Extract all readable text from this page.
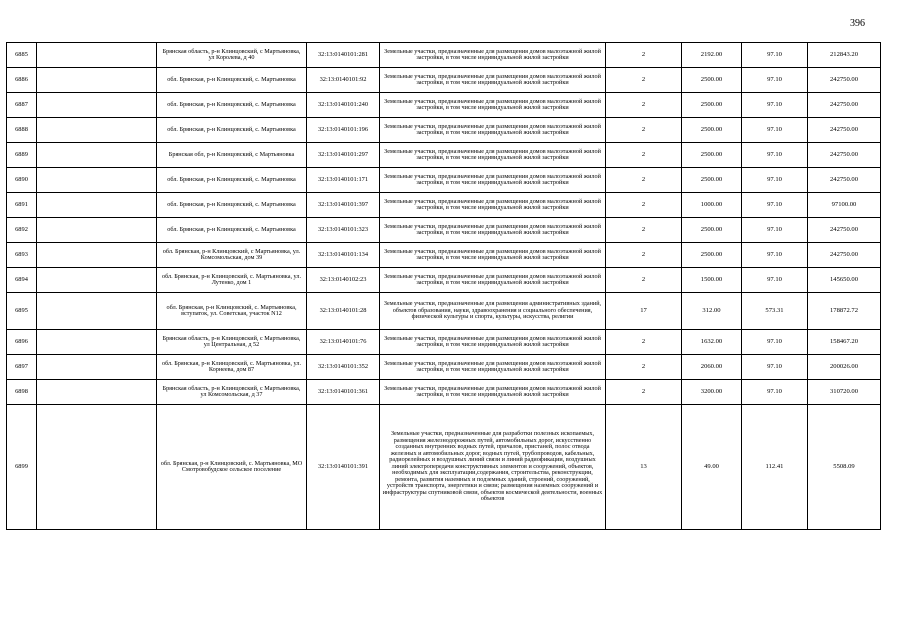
396
6885		Брянская область, р-н Клинцовский, с Мартьяновка, ул Королева, д 40	32:13:0140101:281	Земельные участки, предназначенные для размещения домов малоэтажной жилой застройки, в том числе индивидуальной жилой застройки	2	2192.00	97.10	212843.20
6886		обл. Брянская, р-н Клинцовский, с. Мартьяновка	32:13:0140101:92	Земельные участки, предназначенные для размещения домов малоэтажной жилой застройки, в том числе индивидуальной жилой застройки	2	2500.00	97.10	242750.00
6887		обл. Брянская, р-н Клинцовский, с. Мартьяновка	32:13:0140101:240	Земельные участки, предназначенные для размещения домов малоэтажной жилой застройки, в том числе индивидуальной жилой застройки	2	2500.00	97.10	242750.00
6888		обл. Брянская, р-н Клинцовский, с. Мартьяновка	32:13:0140101:196	Земельные участки, предназначенные для размещения домов малоэтажной жилой застройки, в том числе индивидуальной жилой застройки	2	2500.00	97.10	242750.00
6889		Брянская обл, р-н Клинцовский, с Мартьяновка	32:13:0140101:297	Земельные участки, предназначенные для размещения домов малоэтажной жилой застройки, в том числе индивидуальной жилой застройки	2	2500.00	97.10	242750.00
6890		обл. Брянская, р-н Клинцовский, с. Мартьяновка	32:13:0140101:171	Земельные участки, предназначенные для размещения домов малоэтажной жилой застройки, в том числе индивидуальной жилой застройки	2	2500.00	97.10	242750.00
6891		обл. Брянская, р-н Клинцовский, с. Мартьяновка	32:13:0140101:397	Земельные участки, предназначенные для размещения домов малоэтажной жилой застройки, в том числе индивидуальной жилой застройки	2	1000.00	97.10	97100.00
6892		обл. Брянская, р-н Клинцовский, с. Мартьяновка	32:13:0140101:323	Земельные участки, предназначенные для размещения домов малоэтажной жилой застройки, в том числе индивидуальной жилой застройки	2	2500.00	97.10	242750.00
6893		обл. Брянская, р-н Клинцовский, с Мартьяновка, ул. Комсомольская, дом 39	32:13:0140101:134	Земельные участки, предназначенные для размещения домов малоэтажной жилой застройки, в том числе индивидуальной жилой застройки	2	2500.00	97.10	242750.00
6894		обл. Брянская, р-н Клинцовский, с. Мартьяновка, ул. Лутенко, дом 1	32:13:0140102:23	Земельные участки, предназначенные для размещения домов малоэтажной жилой застройки, в том числе индивидуальной жилой застройки	2	1500.00	97.10	145650.00
6895		обл. Брянская, р-н Клинцовский, с. Мартьяновка, вступаток, ул. Советская, участок N12	32:13:0140101:28	Земельные участки, предназначенные для размещения административных зданий, объектов образования, науки, здравоохранения и социального обеспечения, физической культуры и спорта, культуры, искусства, религии	17	312.00	573.31	178872.72
6896		Брянская область, р-н Клинцовский, с Мартьяновка, ул Центральная, д 52	32:13:0140101:76	Земельные участки, предназначенные для размещения домов малоэтажной жилой застройки, в том числе индивидуальной жилой застройки	2	1632.00	97.10	158467.20
6897		обл. Брянская, р-н Клинцовский, с. Мартьяновка, ул. Корнеева, дом 87	32:13:0140101:352	Земельные участки, предназначенные для размещения домов малоэтажной жилой застройки, в том числе индивидуальной жилой застройки	2	2060.00	97.10	200026.00
6898		Брянская область, р-н Клинцовский, с Мартьяновка, ул Комсомольская, д 37	32:13:0140101:361	Земельные участки, предназначенные для размещения домов малоэтажной жилой застройки, в том числе индивидуальной жилой застройки	2	3200.00	97.10	310720.00
6899		обл. Брянская, р-н Клинцовский, с. Мартьяновка, МО Смотровобудское сельское поселение	32:13:0140101:391	Земельные участки, предназначенные для разработки полезных ископаемых, размещения железнодорожных путей, автомобильных дорог, искусственно созданных внутренних водных путей, причалов, пристаней, полос отвода железных и автомобильных дорог, водных путей, трубопроводов, кабельных, радиорелейных и воздушных линий связи и линий радиофикации, воздушных линий электропередачи конструктивных элементов и сооружений, объектов, необходимых для эксплуатации,содержания, строительства, реконструкции, ремонта, развития наземных и подземных зданий, строений, сооружений, устройств транспорта, энергетики и связи; размещения наземных сооружений и инфраструктуры спутниковой связи, объектов космической деятельности, военных объектов	13	49.00	112.41	5508.09
